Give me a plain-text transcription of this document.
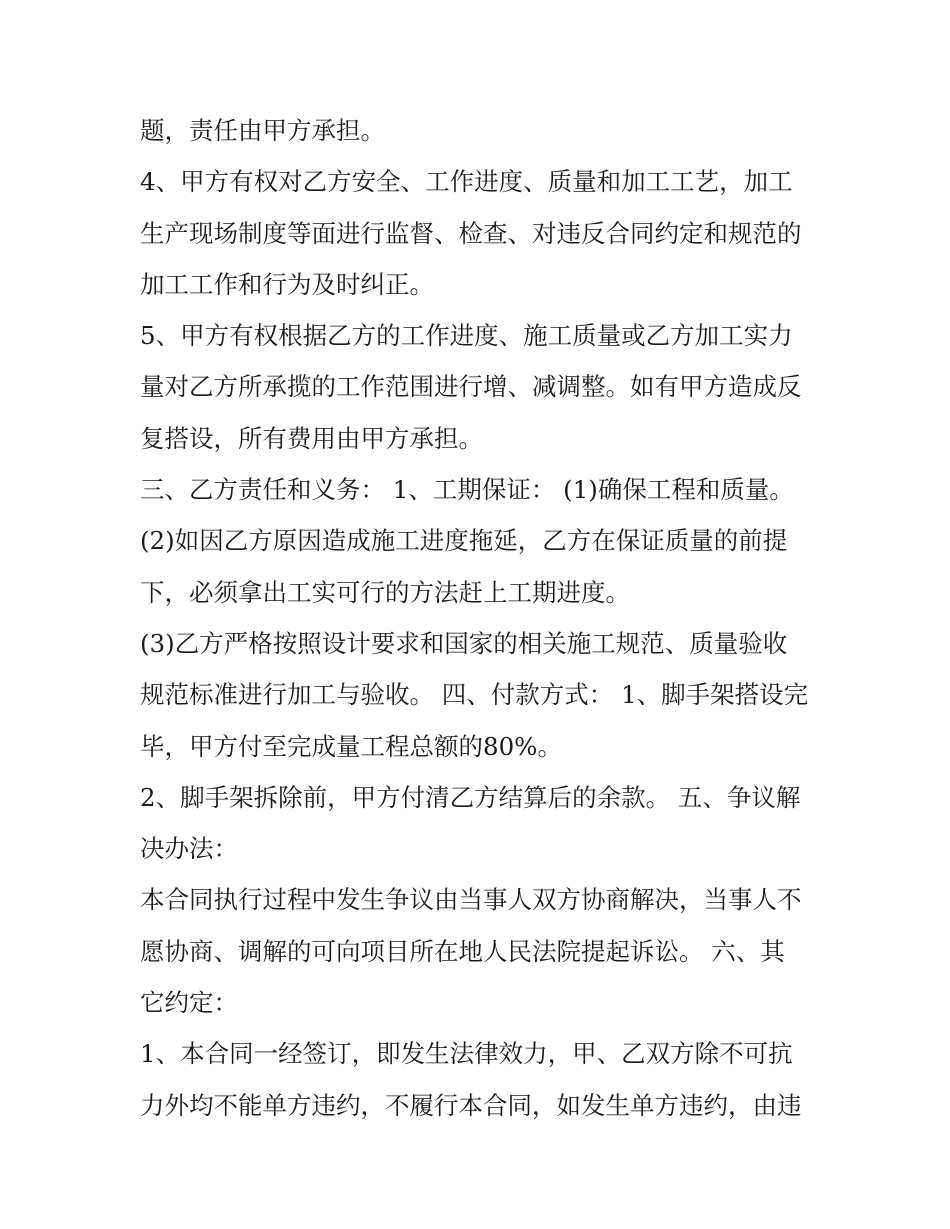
题，责任由甲方承担。
4、甲方有权对乙方安全、工作进度、质量和加工工艺，加工
生产现场制度等面进行监督、检查、对违反合同约定和规范的
加工工作和行为及时纠正。
5、甲方有权根据乙方的工作进度、施工质量或乙方加工实力
量对乙方所承揽的工作范围进行增、减调整。如有甲方造成反
复搭设，所有费用由甲方承担。
三、乙方责任和义务： 1、工期保证： (1)确保工程和质量。
(2)如因乙方原因造成施工进度拖延，乙方在保证质量的前提
下，必须拿出工实可行的方法赶上工期进度。
(3)乙方严格按照设计要求和国家的相关施工规范、质量验收
规范标准进行加工与验收。 四、付款方式： 1、脚手架搭设完
毕，甲方付至完成量工程总额的80%。
2、脚手架拆除前，甲方付清乙方结算后的余款。 五、争议解
决办法：
本合同执行过程中发生争议由当事人双方协商解决，当事人不
愿协商、调解的可向项目所在地人民法院提起诉讼。 六、其
它约定：
1、本合同一经签订，即发生法律效力，甲、乙双方除不可抗
力外均不能单方违约，不履行本合同，如发生单方违约，由违
